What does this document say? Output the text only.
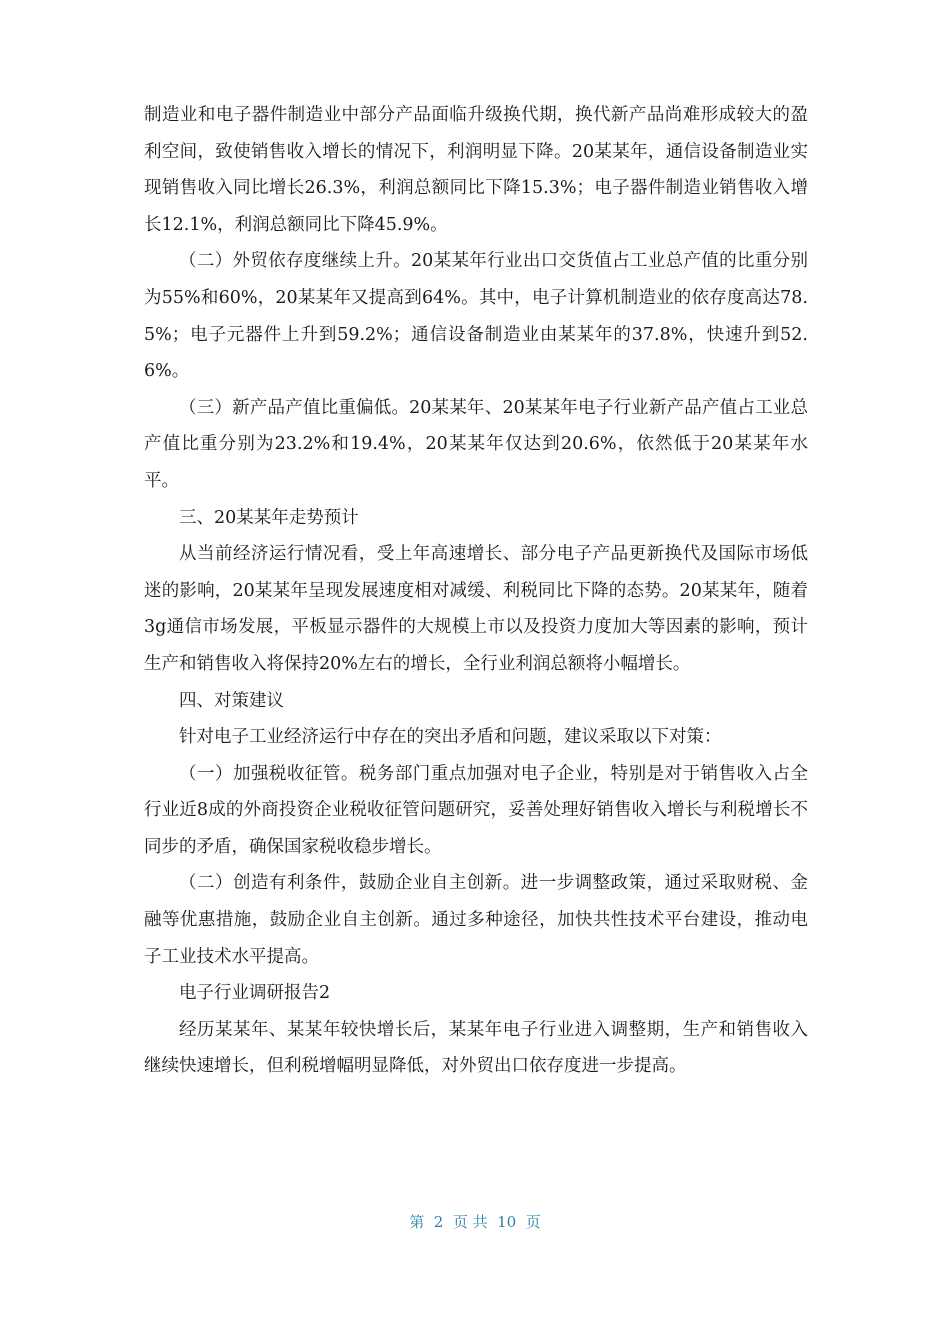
制造业和电子器件制造业中部分产品面临升级换代期，换代新产品尚难形成较大的盈利空间，致使销售收入增长的情况下，利润明显下降。20某某年，通信设备制造业实现销售收入同比增长26.3%，利润总额同比下降15.3%；电子器件制造业销售收入增长12.1%，利润总额同比下降45.9%。

（二）外贸依存度继续上升。20某某年行业出口交货值占工业总产值的比重分别为55%和60%，20某某年又提高到64%。其中，电子计算机制造业的依存度高达78.5%；电子元器件上升到59.2%；通信设备制造业由某某年的37.8%，快速升到52.6%。

（三）新产品产值比重偏低。20某某年、20某某年电子行业新产品产值占工业总产值比重分别为23.2%和19.4%，20某某年仅达到20.6%，依然低于20某某年水平。

三、20某某年走势预计

从当前经济运行情况看，受上年高速增长、部分电子产品更新换代及国际市场低迷的影响，20某某年呈现发展速度相对减缓、利税同比下降的态势。20某某年，随着3g通信市场发展，平板显示器件的大规模上市以及投资力度加大等因素的影响，预计生产和销售收入将保持20%左右的增长，全行业利润总额将小幅增长。

四、对策建议

针对电子工业经济运行中存在的突出矛盾和问题，建议采取以下对策：

（一）加强税收征管。税务部门重点加强对电子企业，特别是对于销售收入占全行业近8成的外商投资企业税收征管问题研究，妥善处理好销售收入增长与利税增长不同步的矛盾，确保国家税收稳步增长。

（二）创造有利条件，鼓励企业自主创新。进一步调整政策，通过采取财税、金融等优惠措施，鼓励企业自主创新。通过多种途径，加快共性技术平台建设，推动电子工业技术水平提高。

电子行业调研报告2

经历某某年、某某年较快增长后，某某年电子行业进入调整期，生产和销售收入继续快速增长，但利税增幅明显降低，对外贸出口依存度进一步提高。

第  2  页 共  10  页
